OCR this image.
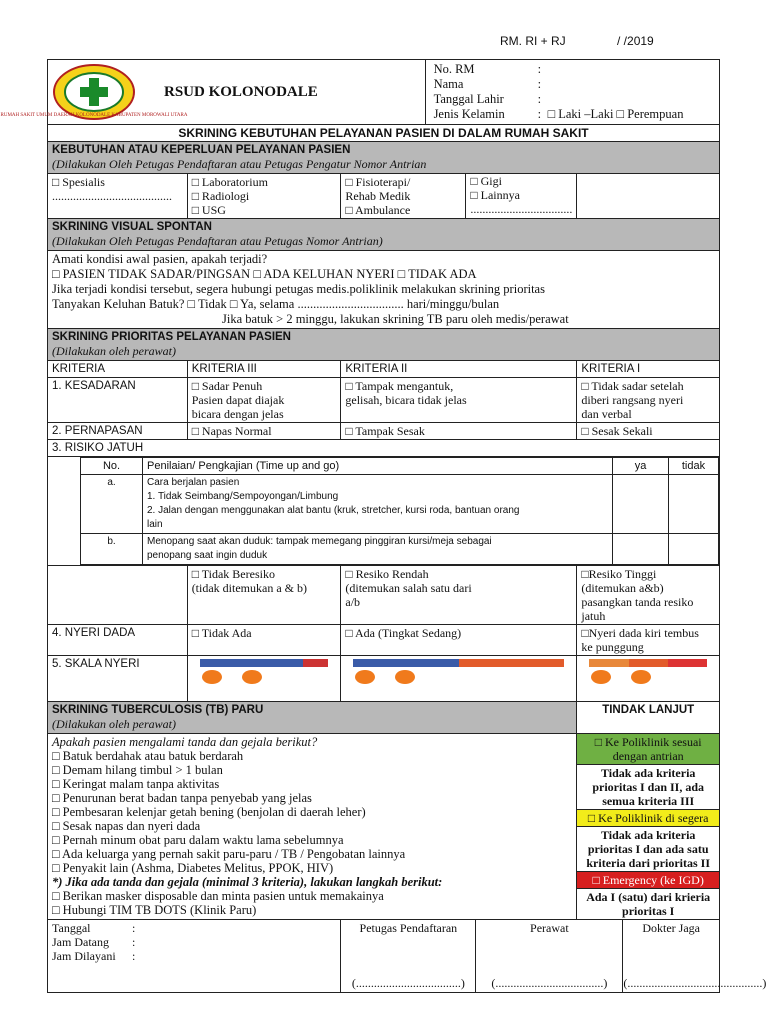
RM. RI + RJ	/ /2019
RUMAH SAKIT UMUM DAERAH KOLONODALE KABUPATEN MOROWALI UTARA
RSUD KOLONODALE

No. RM	:
Nama	:
Tanggal Lahir	:
Jenis Kelamin	: □ Laki –Laki □ Perempuan

SKRINING KEBUTUHAN PELAYANAN PASIEN DI DALAM RUMAH SAKIT

KEBUTUHAN ATAU KEPERLUAN PELAYANAN PASIEN
(Dilakukan Oleh Petugas Pendaftaran atau Petugas Pengatur Nomor Antrian

□ Spesialis
........................................

□ Laboratorium
□ Radiologi
□ USG

□ Fisioterapi/
Rehab Medik
□ Ambulance
□ Gigi
□ Lainnya
..................................

SKRINING VISUAL SPONTAN
(Dilakukan Oleh Petugas Pendaftaran atau Petugas Nomor Antrian)

Amati kondisi awal pasien, apakah terjadi?
□ PASIEN TIDAK SADAR/PINGSAN □ ADA KELUHAN NYERI □ TIDAK ADA
Jika terjadi kondisi tersebut, segera hubungi petugas medis.poliklinik melakukan skrining prioritas
Tanyakan Keluhan Batuk? □ Tidak □ Ya, selama .................................. hari/minggu/bulan
Jika batuk > 2 minggu, lakukan skrining TB paru oleh medis/perawat

SKRINING PRIORITAS PELAYANAN PASIEN
(Dilakukan oleh perawat)

KRITERIA	KRITERIA III	KRITERIA II	KRITERIA I
1. KESADARAN	□ Sadar Penuh
Pasien dapat diajak
bicara dengan jelas	□ Tampak mengantuk,
gelisah, bicara tidak jelas	□ Tidak sadar setelah
diberi rangsang nyeri
dan verbal
2. PERNAPASAN	□ Napas Normal	□ Tampak Sesak	□ Sesak Sekali
3. RISIKO JATUH

No.	Penilaian/ Pengkajian (Time up and go)	ya	tidak
a.	Cara berjalan pasien
1. Tidak Seimbang/Sempoyongan/Limbung
2. Jalan dengan menggunakan alat bantu (kruk, stretcher, kursi roda, bantuan orang
lain		
b.	Menopang saat akan duduk: tampak memegang pinggiran kursi/meja sebagai
penopang saat ingin duduk		

	□ Tidak Beresiko
(tidak ditemukan a & b)	□ Resiko Rendah
(ditemukan salah satu dari
a/b	□Resiko Tinggi
(ditemukan a&b)
pasangkan tanda resiko
jatuh
4. NYERI DADA	□ Tidak Ada	□ Ada (Tingkat Sedang)	□Nyeri dada kiri tembus
ke punggung
5. SKALA NYERI	

SKRINING TUBERCULOSIS (TB) PARU
(Dilakukan oleh perawat)
	TINDAK LANJUT

Apakah pasien mengalami tanda dan gejala berikut?
□ Batuk berdahak atau batuk berdarah
□ Demam hilang timbul > 1 bulan
□ Keringat malam tanpa aktivitas
□ Penurunan berat badan tanpa penyebab yang jelas
□ Pembesaran kelenjar getah bening (benjolan di daerah leher)
□ Sesak napas dan nyeri dada
□ Pernah minum obat paru dalam waktu lama sebelumnya
□ Ada keluarga yang pernah sakit paru-paru / TB / Pengobatan lainnya
□ Penyakit lain (Ashma, Diabetes Melitus, PPOK, HIV)
*) Jika ada tanda dan gejala (minimal 3 kriteria), lakukan langkah berikut:
□ Berikan masker disposable dan minta pasien untuk memakainya
□ Hubungi TIM TB DOTS (Klinik Paru)
	□ Ke Poliklinik sesuai
dengan antrian
Tidak ada kriteria
prioritas I dan II, ada
semua kriteria III
□ Ke Poliklinik di segera
Tidak ada kriteria
prioritas I dan ada satu
kriteria dari prioritas II
□ Emergency (ke IGD)
Ada I (satu) dari krieria
prioritas I

Tanggal	:
Jam Datang	:
Jam Dilayani	:

Petugas Pendaftaran
(...................................)

Perawat
(....................................)

Dokter Jaga
(.............................................)
